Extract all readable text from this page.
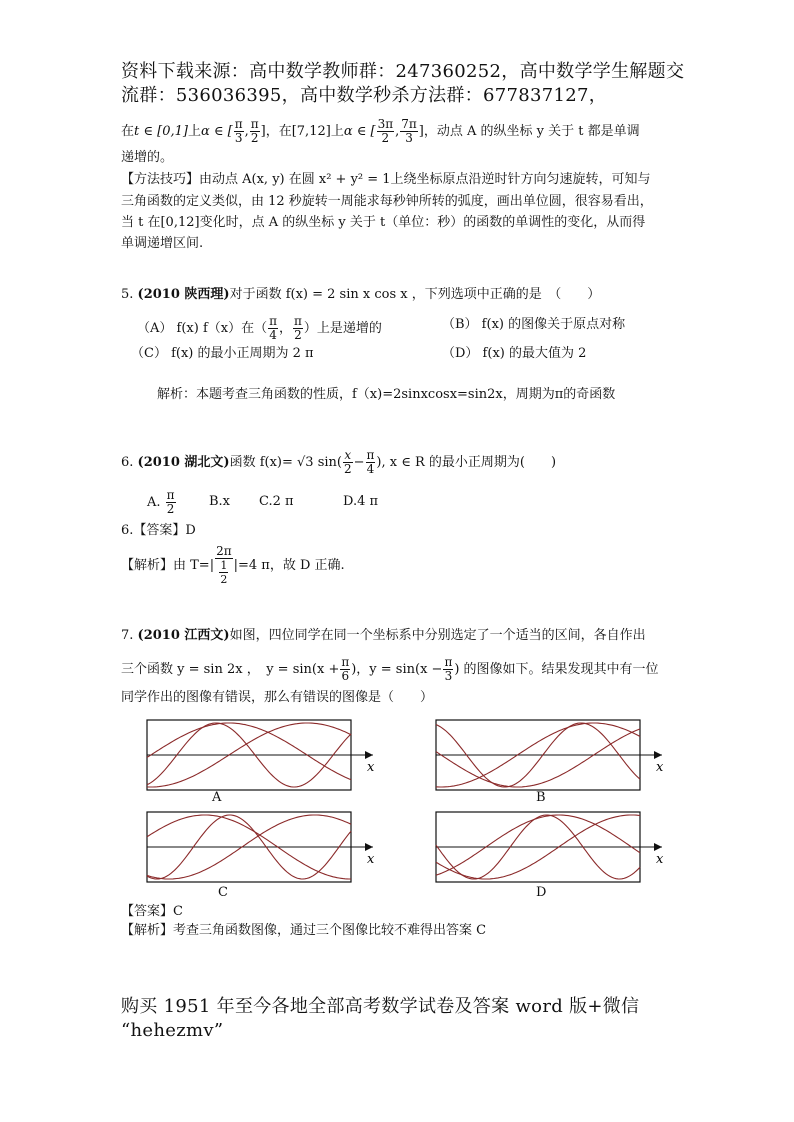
资料下载来源：高中数学教师群：247360252，高中数学学生解题交
流群：536036395，高中数学秒杀方法群：677837127，
在t ∈ [0,1]上α ∈ [ $\frac{\pi}{3}$ , $\frac{\pi}{2}$ ]，在[7,12]上α ∈ [ $\frac{3\pi}{2}$ , $\frac{7\pi}{3}$ ]，动点 A 的纵坐标 y 关于 t 都是单调
递增的。
【方法技巧】由动点 A(x, y) 在圆 x² + y² = 1上绕坐标原点沿逆时针方向匀速旋转，可知与
三角函数的定义类似，由 12 秒旋转一周能求每秒钟所转的弧度，画出单位圆，很容易看出，
当 t 在[0,12]变化时，点 A 的纵坐标 y 关于 t（单位：秒）的函数的单调性的变化，从而得
单调递增区间.
5. (2010 陕西理)对于函数 f(x) = 2 sin x cos x ，下列选项中正确的是　（　　）
（A） f(x) f（x）在（ $\frac{\pi}{4}$ ， $\frac{\pi}{2}$ ）上是递增的	（B） f(x) 的图像关于原点对称
（C） f(x) 的最小正周期为 2 π	（D） f(x) 的最大值为 2
解析：本题考查三角函数的性质，f（x)=2sinxcosx=sin2x，周期为π的奇函数
6. (2010 湖北文)函数 f(x)= √3 $\sin( \frac{x}{2} - \frac{\pi}{4}$ ), x ∈ R 的最小正周期为(　　)
A. $\frac{\pi}{2}$	B.x C.2 π	D.4 π
6.【答案】D
【解析】由 $T=| \frac{2\pi}{\frac{1}{2}} |=4$ π，故 D 正确.
7. (2010 江西文)如图，四位同学在同一个坐标系中分别选定了一个适当的区间，各自作出
三个函数 y = sin 2x ，　$y = \sin(x + \frac{\pi}{6}$ )，$y = \sin(x - \frac{\pi}{3}$ ) 的图像如下。结果发现其中有一位
同学作出的图像有错误，那么有错误的图像是（　　）
x	x
x	x
A	B
C	D
【答案】C
【解析】考查三角函数图像，通过三个图像比较不难得出答案 C
购买 1951 年至今各地全部高考数学试卷及答案 word 版+微信
“hehezmv”
